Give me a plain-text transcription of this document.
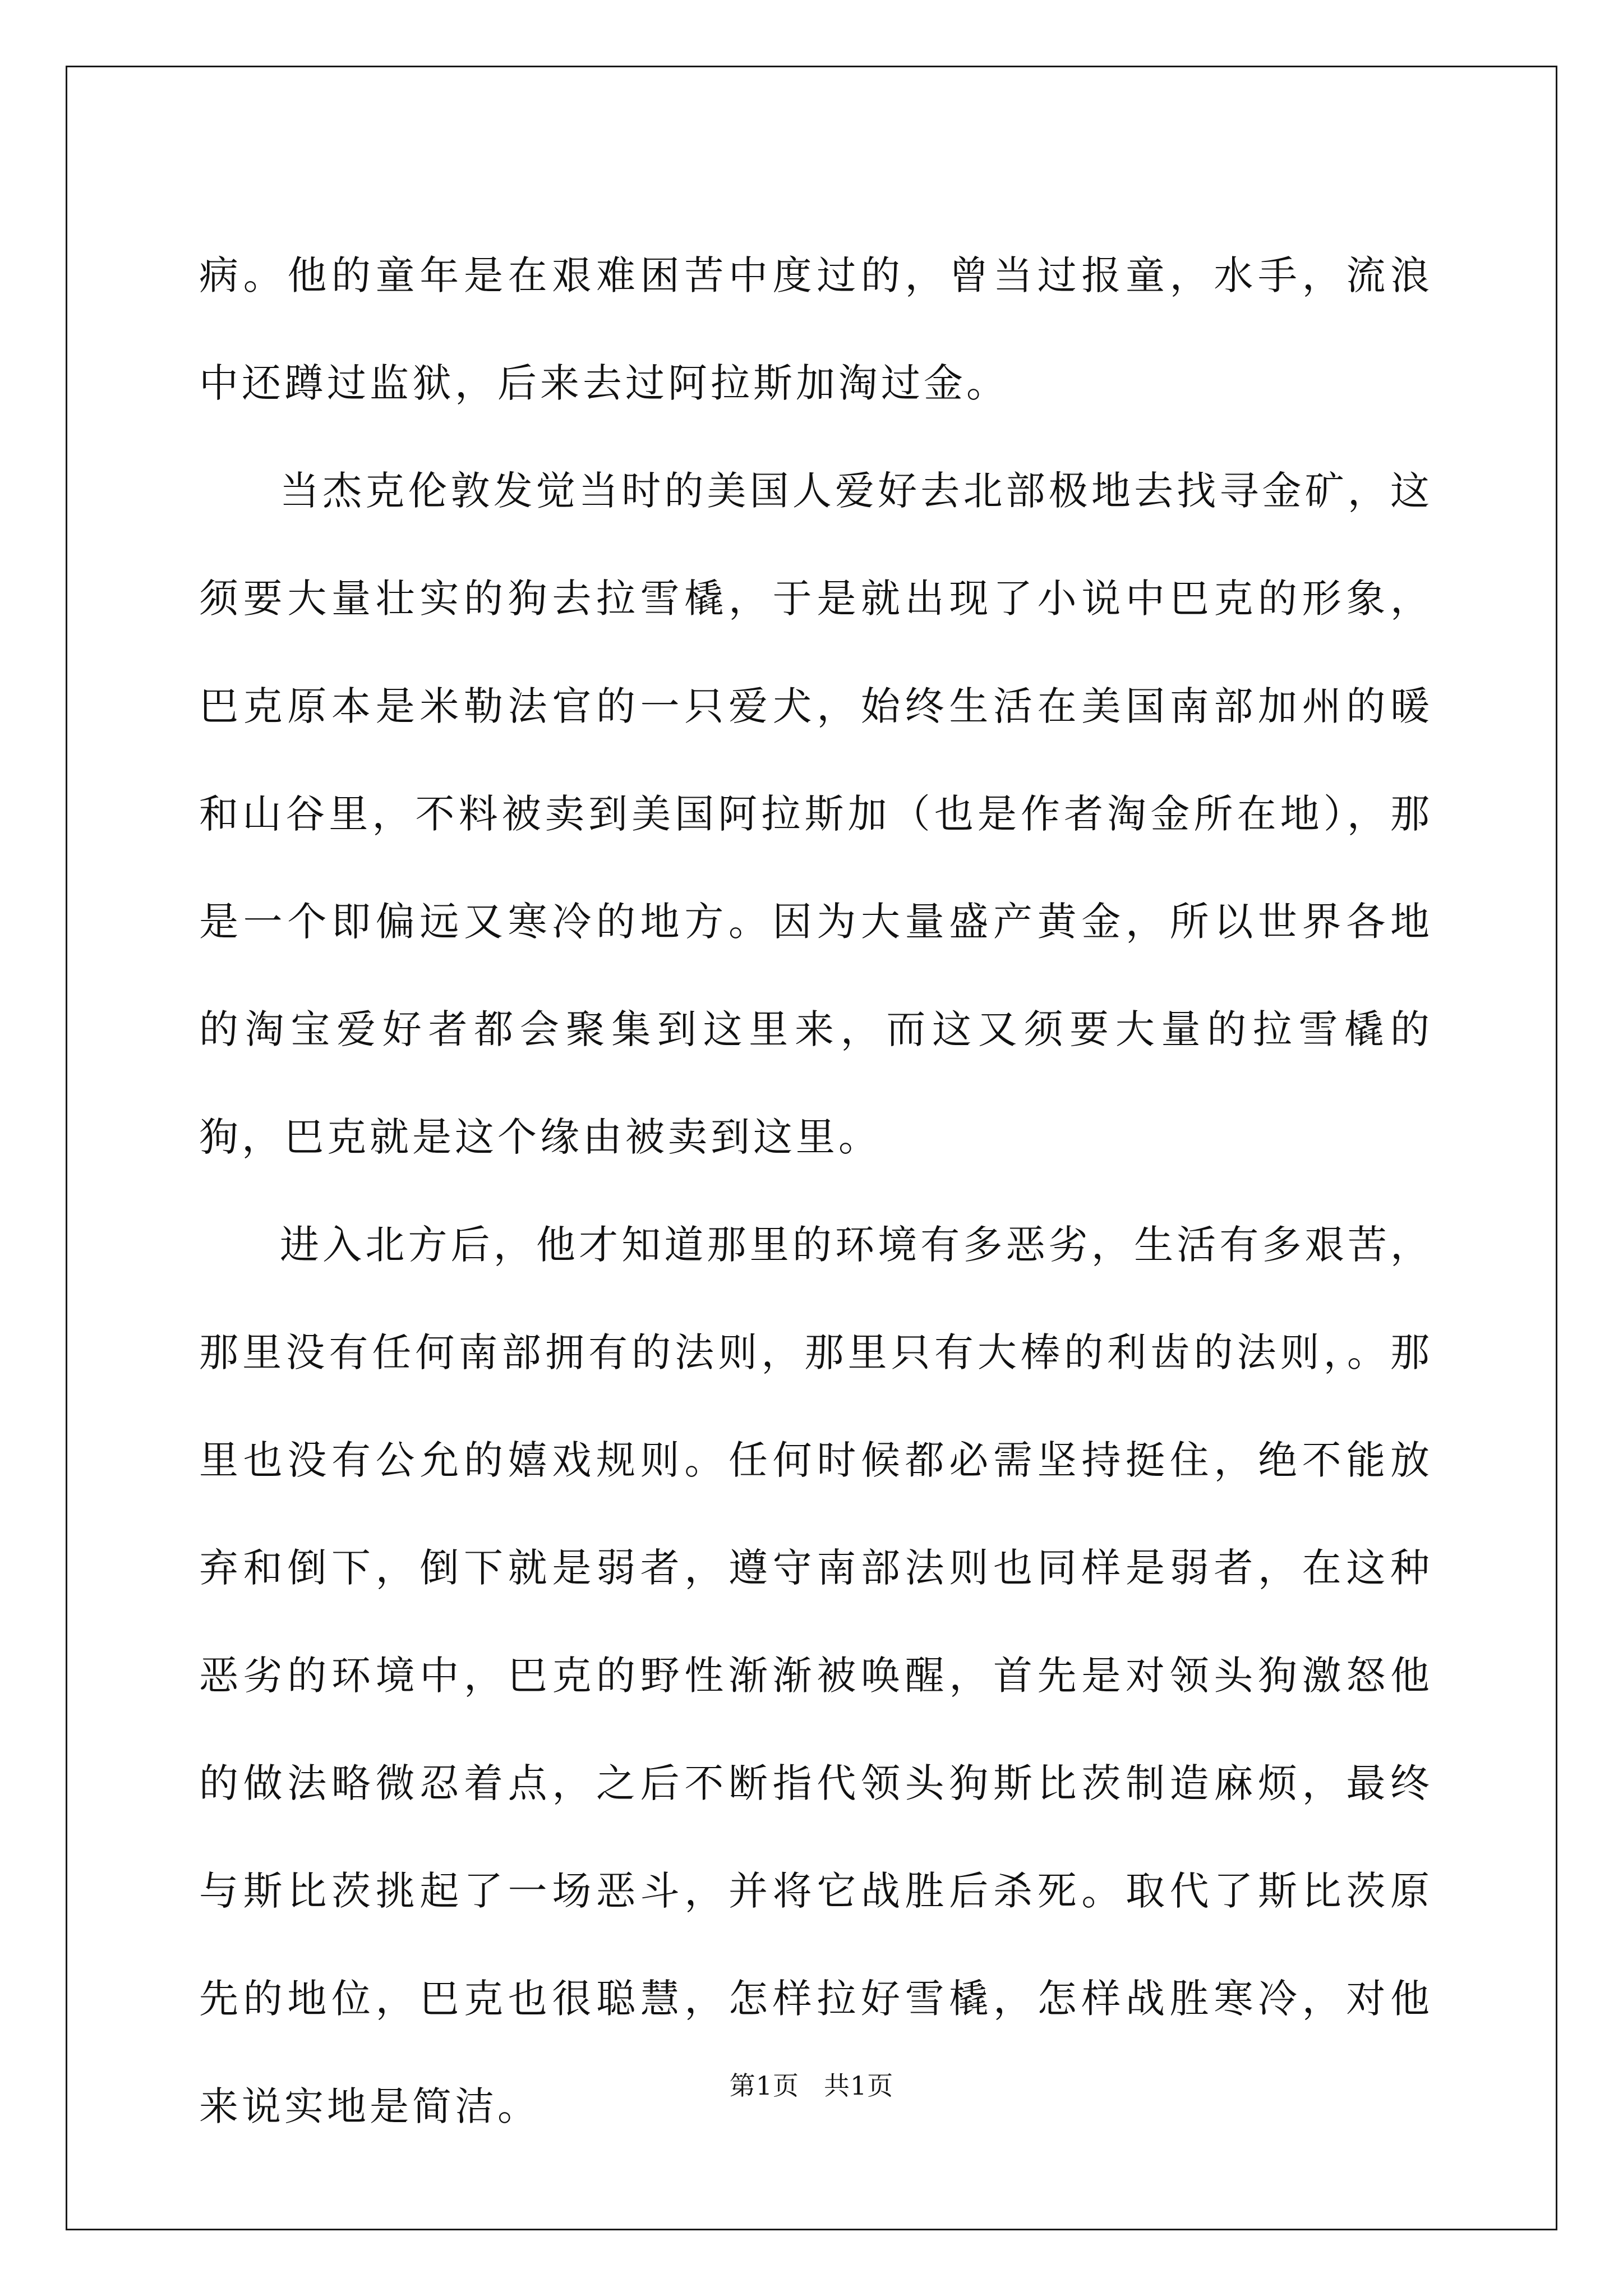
病。他的童年是在艰难困苦中度过的，曾当过报童，水手，流浪中还蹲过监狱，后来去过阿拉斯加淘过金。

当杰克伦敦发觉当时的美国人爱好去北部极地去找寻金矿，这须要大量壮实的狗去拉雪橇，于是就出现了小说中巴克的形象，巴克原本是米勒法官的一只爱犬，始终生活在美国南部加州的暖和山谷里，不料被卖到美国阿拉斯加（也是作者淘金所在地），那是一个即偏远又寒冷的地方。因为大量盛产黄金，所以世界各地的淘宝爱好者都会聚集到这里来，而这又须要大量的拉雪橇的狗，巴克就是这个缘由被卖到这里。

进入北方后，他才知道那里的环境有多恶劣，生活有多艰苦，那里没有任何南部拥有的法则，那里只有大棒的利齿的法则，。那里也没有公允的嬉戏规则。任何时候都必需坚持挺住，绝不能放弃和倒下，倒下就是弱者，遵守南部法则也同样是弱者，在这种恶劣的环境中，巴克的野性渐渐被唤醒，首先是对领头狗激怒他的做法略微忍着点，之后不断指代领头狗斯比茨制造麻烦，最终与斯比茨挑起了一场恶斗，并将它战胜后杀死。取代了斯比茨原先的地位，巴克也很聪慧，怎样拉好雪橇，怎样战胜寒冷，对他来说实地是简洁。	第1页 共1页
